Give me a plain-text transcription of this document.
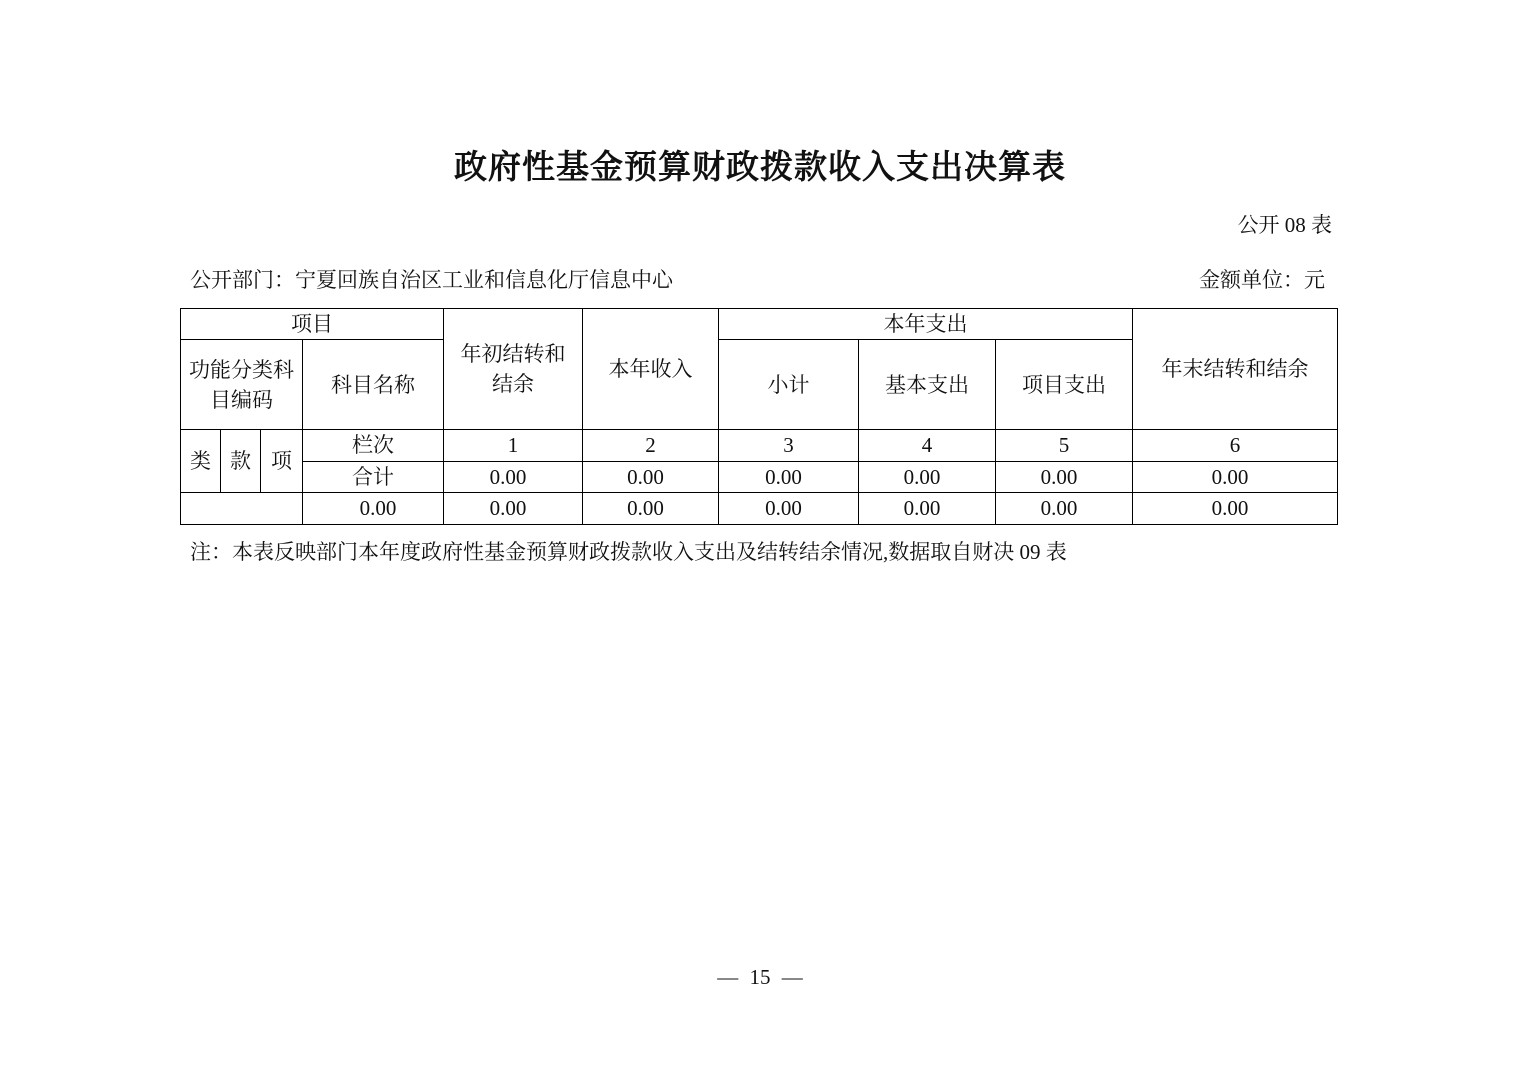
政府性基金预算财政拨款收入支出决算表
公开 08 表
公开部门：宁夏回族自治区工业和信息化厅信息中心	金额单位：元
项目				年初结转和结余	本年收入	本年支出			年末结转和结余
功能分类科目编码			科目名称			小计	基本支出	项目支出	
类	款	项	栏次	1	2	3	4	5	6
			合计	0.00	0.00	0.00	0.00	0.00	0.00
			0.00	0.00	0.00	0.00	0.00	0.00	0.00
注：本表反映部门本年度政府性基金预算财政拨款收入支出及结转结余情况,数据取自财决 09 表
— 15 —
